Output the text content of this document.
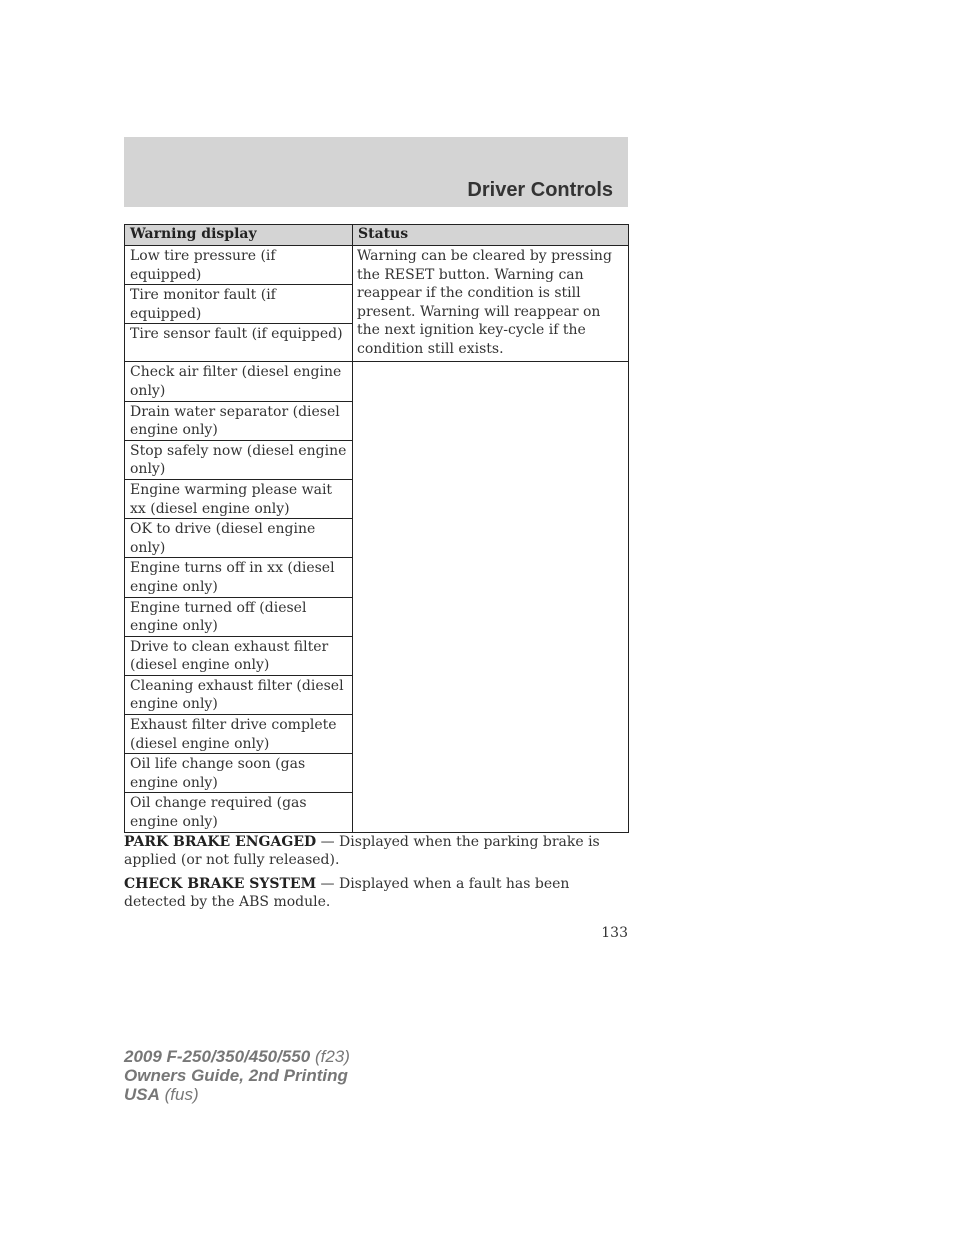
Driver Controls
Warning display	Status
Low tire pressure (if equipped)	Warning can be cleared by pressing the RESET button. Warning can reappear if the condition is still present. Warning will reappear on the next ignition key-cycle if the condition still exists.
Tire monitor fault (if equipped)	
Tire sensor fault (if equipped)	
Check air filter (diesel engine only)	
Drain water separator (diesel engine only)	
Stop safely now (diesel engine only)	
Engine warming please wait xx (diesel engine only)	
OK to drive (diesel engine only)	
Engine turns off in xx (diesel engine only)	
Engine turned off (diesel engine only)	
Drive to clean exhaust filter (diesel engine only)	
Cleaning exhaust filter (diesel engine only)	
Exhaust filter drive complete (diesel engine only)	
Oil life change soon (gas engine only)	
Oil change required (gas engine only)	
PARK BRAKE ENGAGED — Displayed when the parking brake is applied (or not fully released).
CHECK BRAKE SYSTEM — Displayed when a fault has been detected by the ABS module.
133
2009 F-250/350/450/550 (f23)
Owners Guide, 2nd Printing
USA (fus)
